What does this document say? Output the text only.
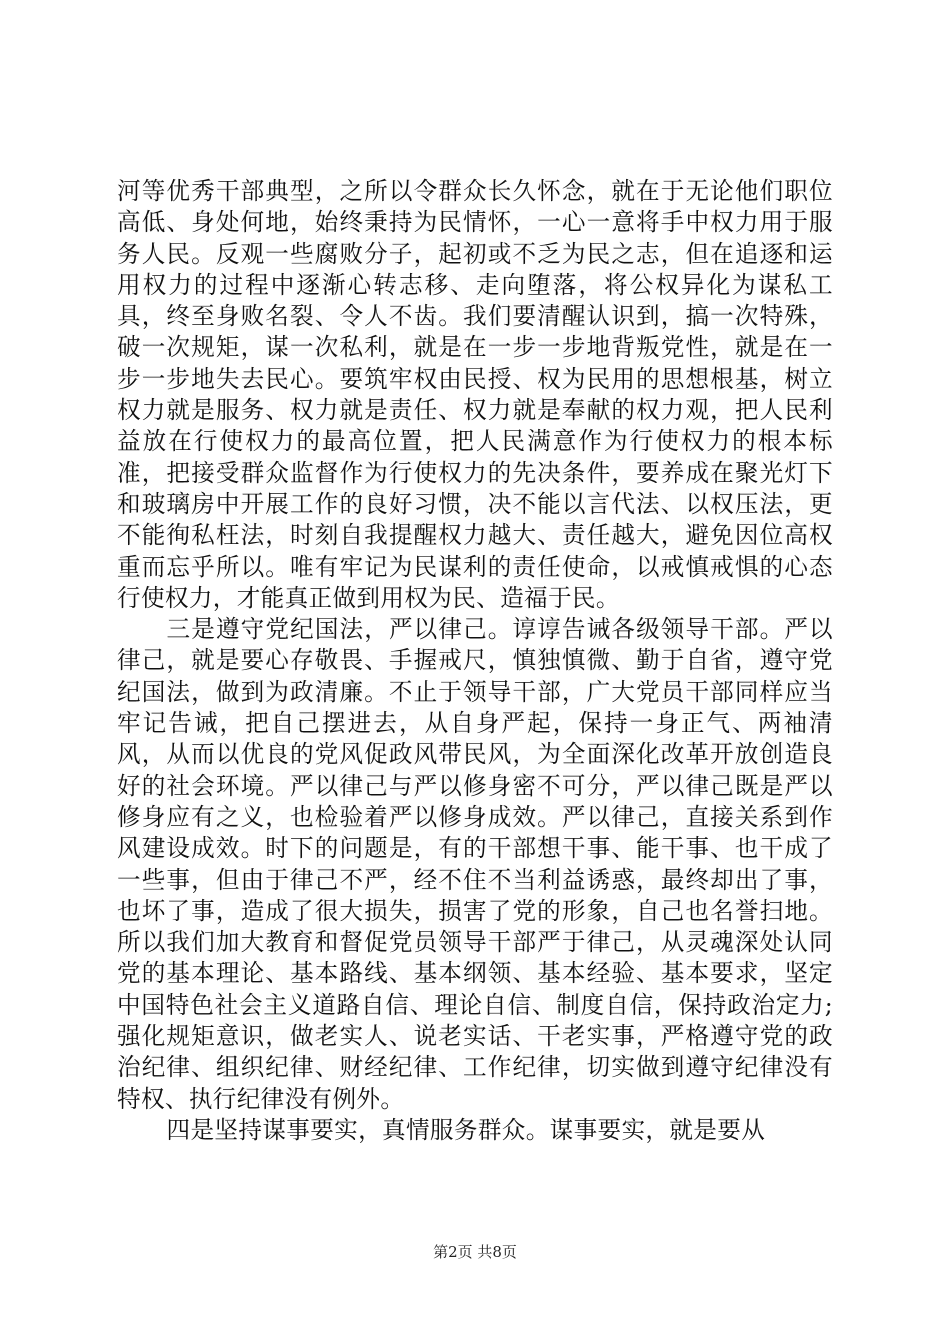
河等优秀干部典型，之所以令群众长久怀念，就在于无论他们职位高低、身处何地，始终秉持为民情怀，一心一意将手中权力用于服务人民。反观一些腐败分子，起初或不乏为民之志，但在追逐和运用权力的过程中逐渐心转志移、走向堕落，将公权异化为谋私工具，终至身败名裂、令人不齿。我们要清醒认识到，搞一次特殊，破一次规矩，谋一次私利，就是在一步一步地背叛党性，就是在一步一步地失去民心。要筑牢权由民授、权为民用的思想根基，树立权力就是服务、权力就是责任、权力就是奉献的权力观，把人民利益放在行使权力的最高位置，把人民满意作为行使权力的根本标准，把接受群众监督作为行使权力的先决条件，要养成在聚光灯下和玻璃房中开展工作的良好习惯，决不能以言代法、以权压法，更不能徇私枉法，时刻自我提醒权力越大、责任越大，避免因位高权重而忘乎所以。唯有牢记为民谋利的责任使命，以戒慎戒惧的心态行使权力，才能真正做到用权为民、造福于民。

三是遵守党纪国法，严以律己。谆谆告诫各级领导干部。严以律己，就是要心存敬畏、手握戒尺，慎独慎微、勤于自省，遵守党纪国法，做到为政清廉。不止于领导干部，广大党员干部同样应当牢记告诫，把自己摆进去，从自身严起，保持一身正气、两袖清风，从而以优良的党风促政风带民风，为全面深化改革开放创造良好的社会环境。严以律己与严以修身密不可分，严以律己既是严以修身应有之义，也检验着严以修身成效。严以律己，直接关系到作风建设成效。时下的问题是，有的干部想干事、能干事、也干成了一些事，但由于律己不严，经不住不当利益诱惑，最终却出了事，也坏了事，造成了很大损失，损害了党的形象，自己也名誉扫地。所以我们加大教育和督促党员领导干部严于律己，从灵魂深处认同党的基本理论、基本路线、基本纲领、基本经验、基本要求，坚定中国特色社会主义道路自信、理论自信、制度自信，保持政治定力;强化规矩意识，做老实人、说老实话、干老实事，严格遵守党的政治纪律、组织纪律、财经纪律、工作纪律，切实做到遵守纪律没有特权、执行纪律没有例外。

四是坚持谋事要实，真情服务群众。谋事要实，就是要从

第2页 共8页
